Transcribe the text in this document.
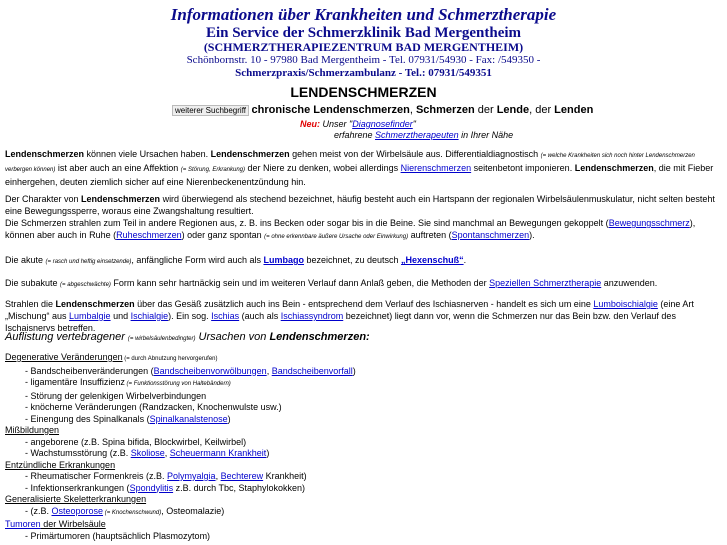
Informationen über Krankheiten und Schmerztherapie
Ein Service der Schmerzklinik Bad Mergentheim
(SCHMERZTHERAPIEZENTRUM BAD MERGENTHEIM)
Schönbornstr. 10 - 97980 Bad Mergentheim - Tel. 07931/54930 - Fax: /549350 -
Schmerzpraxis/Schmerzambulanz - Tel.: 07931/549351
LENDENSCHMERZEN
weiterer Suchbegriff chronische Lendenschmerzen, Schmerzen der Lende, der Lenden
Neu: Unser "Diagnosefinder"
erfahrene Schmerztherapeuten in Ihrer Nähe
Lendenschmerzen können viele Ursachen haben. Lendenschmerzen gehen meist von der Wirbelsäule aus. Differentialdiagnostisch (= welche Krankheiten sich noch hinter Lendenschmerzen verbergen können) ist aber auch an eine Affektion (= Störung, Erkrankung) der Niere zu denken, wobei allerdings Nierenschmerzen seitenbetont imponieren. Lendenschmerzen, die mit Fieber einhergehen, deuten ziemlich sicher auf eine Nierenbeckenentzündung hin.
Der Charakter von Lendenschmerzen wird überwiegend als stechend bezeichnet, häufig besteht auch ein Hartspann der regionalen Wirbelsäulenmuskulatur, nicht selten besteht eine Bewegungssperre, woraus eine Zwangshaltung resultiert.
Die Schmerzen strahlen zum Teil in andere Regionen aus, z. B. ins Becken oder sogar bis in die Beine. Sie sind manchmal an Bewegungen gekoppelt (Bewegungsschmerz), können aber auch in Ruhe (Ruheschmerzen) oder ganz spontan (= ohne erkennbare äußere Ursache oder Einwirkung) auftreten (Spontanschmerzen).
Die akute (= rasch und heftig einsetzende), anfängliche Form wird auch als Lumbago bezeichnet, zu deutsch „Hexenschuß“.
Die subakute (= abgeschwächte) Form kann sehr hartnäckig sein und im weiteren Verlauf dann Anlaß geben, die Methoden der Speziellen Schmerztherapie anzuwenden.
Strahlen die Lendenschmerzen über das Gesäß zusätzlich auch ins Bein - entsprechend dem Verlauf des Ischiasnerven - handelt es sich um eine Lumboischialgie (eine Art „Mischung“ aus Lumbalgie und Ischialgie). Ein sog. Ischias (auch als Ischiassyndrom bezeichnet) liegt dann vor, wenn die Schmerzen nur das Bein bzw. den Verlauf des Ischaisnervs betreffen.
Auflistung vertebragener (= wirbelsäulenbedingter) Ursachen von Lendenschmerzen:
Degenerative Veränderungen (= durch Abnutzung hervorgerufen)
- Bandscheibenveränderungen (Bandscheibenvorwölbungen, Bandscheibenvorfall)
- ligamentäre Insuffizienz (= Funktionsstörung von Haltebändern)
- Störung der gelenkigen Wirbelverbindungen
- knöcherne Veränderungen (Randzacken, Knochenwulste usw.)
- Einengung des Spinalkanals (Spinalkanalstenose)
Mißbildungen
- angeborene (z.B. Spina bifida, Blockwirbel, Keilwirbel)
- Wachstumsstörung (z.B. Skoliose, Scheuermann Krankheit)
Entzündliche Erkrankungen
- Rheumatischer Formenkreis (z.B. Polymyalgia, Bechterew Krankheit)
- Infektionserkrankungen (Spondylitis z.B. durch Tbc, Staphylokokken)
Generalisierte Skeletterkrankungen
- (z.B. Osteoporose (= Knochenschwund), Osteomalazie)
Tumoren der Wirbelsäule
- Primärtumoren (hauptsächlich Plasmozytom)
